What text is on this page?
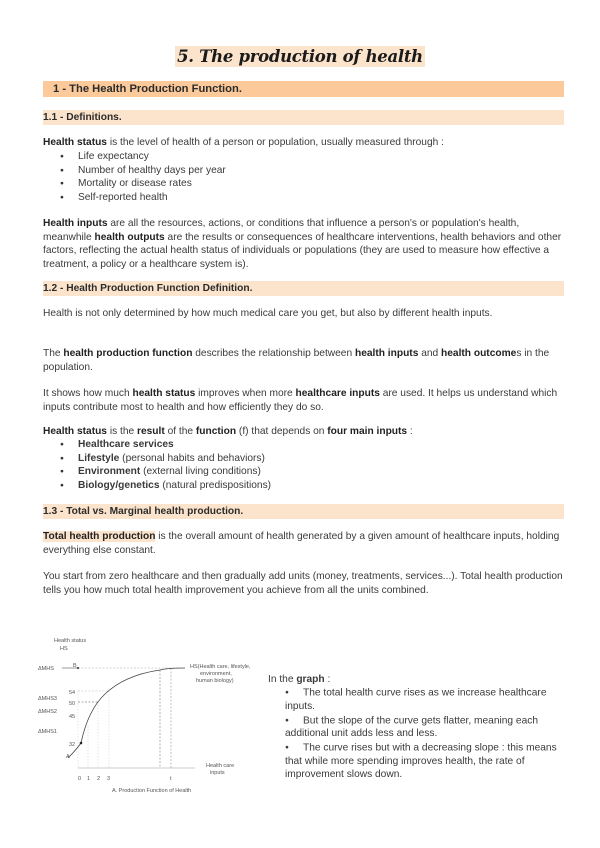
5. The production of health
1 - The Health Production Function.
1.1 - Definitions.

Health status is the level of health of a person or population, usually measured through :

● Life expectancy
● Number of healthy days per year
● Mortality or disease rates
● Self-reported health

Health inputs are all the resources, actions, or conditions that influence a person's or population's health, meanwhile health outputs are the results or consequences of healthcare interventions, health behaviors and other factors, reflecting the actual health status of individuals or populations (they are used to measure how effective a treatment, a policy or a healthcare system is).

1.2 - Health Production Function Definition.

Health is not only determined by how much medical care you get, but also by different health inputs.

The health production function describes the relationship between health inputs and health outcomes in the population.

It shows how much health status improves when more healthcare inputs are used. It helps us understand which inputs contribute most to health and how efficiently they do so.

Health status is the result of the function (f) that depends on four main inputs :

● Healthcare services
● Lifestyle (personal habits and behaviors)
● Environment (external living conditions)
● Biology/genetics (natural predispositions)
1.3 - Total vs. Marginal health production.

Total health production is the overall amount of health generated by a given amount of healthcare inputs, holding everything else constant.

You start from zero healthcare and then gradually add units (money, treatments, services...). Total health production tells you how much total health improvement you achieve from all the units combined.

Health status
HS
ΔMHS	B
ΔMHS3
ΔMHS2
ΔMHS1
54
50
45
32
A
0 1 2 3	t
Health care
inputs
HS(Health care, lifestyle,
environment,
human biology)
A. Production Function of Health
In the graph :
● The total health curve rises as we increase healthcare inputs.
● But the slope of the curve gets flatter, meaning each additional unit adds less and less.
● The curve rises but with a decreasing slope : this means that while more spending improves health, the rate of improvement slows down.
